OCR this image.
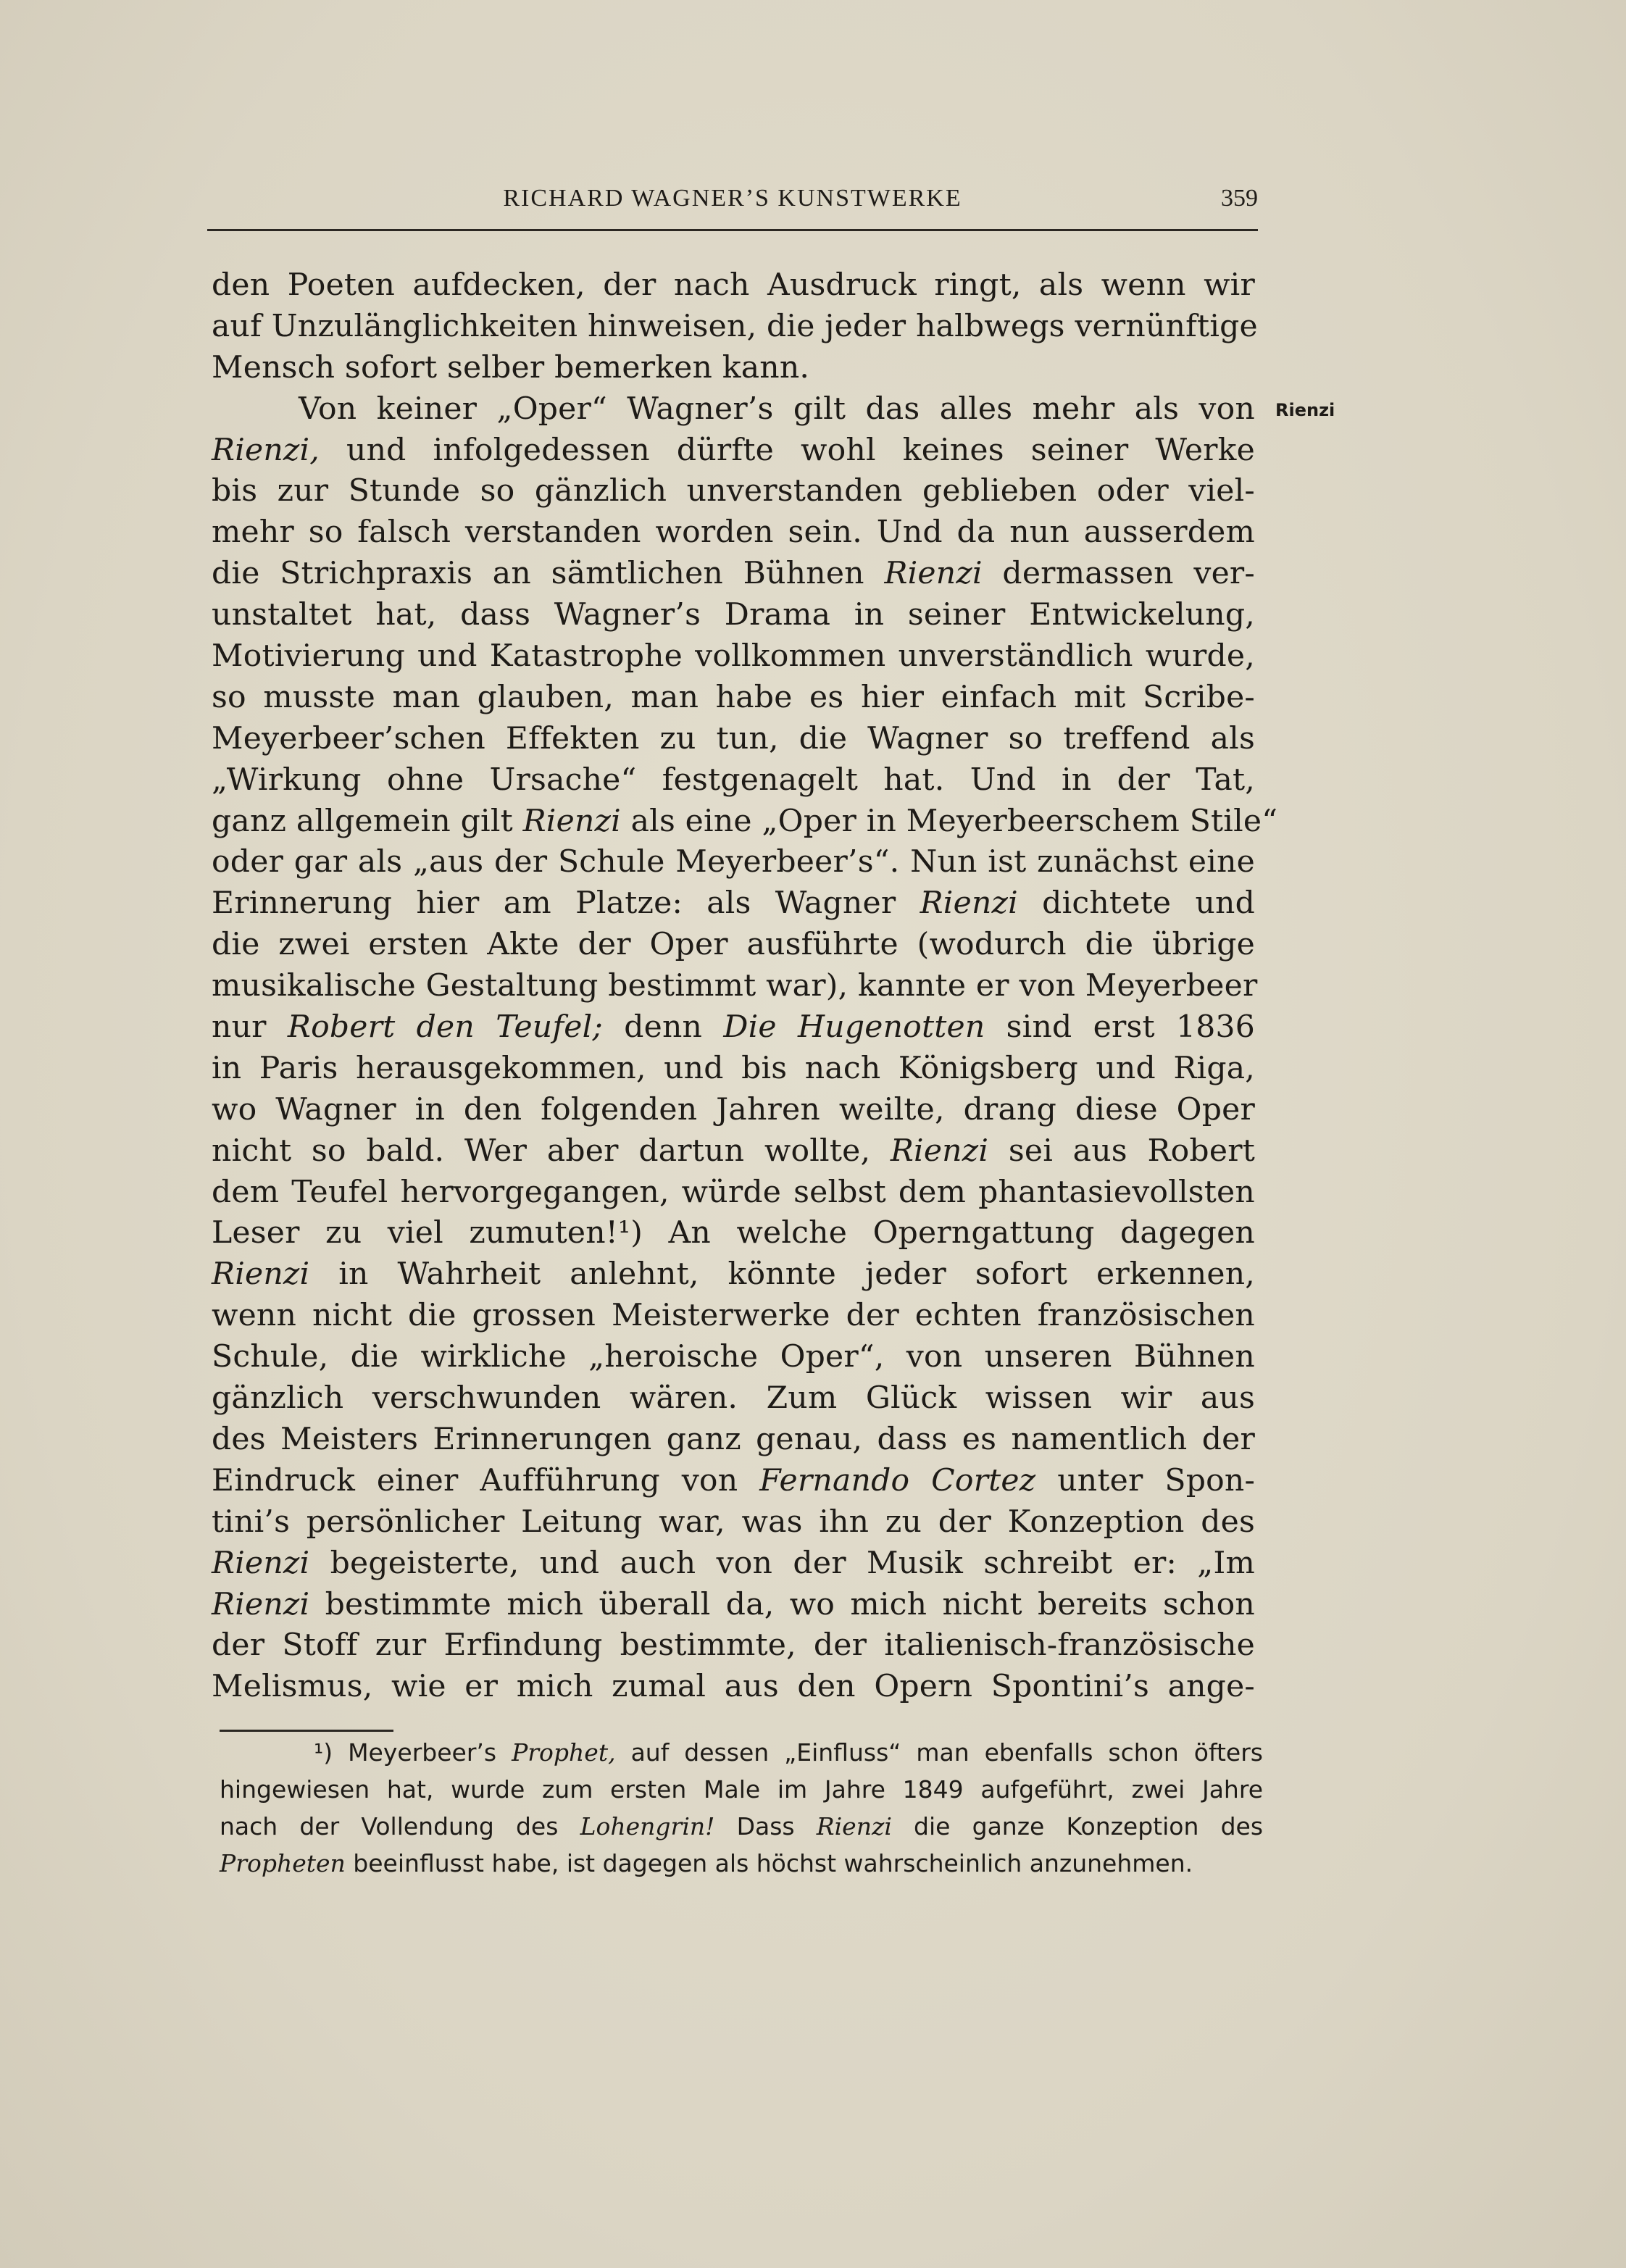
RICHARD WAGNER’S KUNSTWERKE	359
Rienzi
den Poeten aufdecken, der nach Ausdruck ringt, als wenn wir
auf Unzulänglichkeiten hinweisen, die jeder halbwegs vernünftige
Mensch sofort selber bemerken kann.
Von keiner „Oper“ Wagner’s gilt das alles mehr als von
Rienzi, und infolgedessen dürfte wohl keines seiner Werke
bis zur Stunde so gänzlich unverstanden geblieben oder viel-
mehr so falsch verstanden worden sein. Und da nun ausserdem
die Strichpraxis an sämtlichen Bühnen Rienzi dermassen ver-
unstaltet hat, dass Wagner’s Drama in seiner Entwickelung,
Motivierung und Katastrophe vollkommen unverständlich wurde,
so musste man glauben, man habe es hier einfach mit Scribe-
Meyerbeer’schen Effekten zu tun, die Wagner so treffend als
„Wirkung ohne Ursache“ festgenagelt hat. Und in der Tat,
ganz allgemein gilt Rienzi als eine „Oper in Meyerbeerschem Stile“
oder gar als „aus der Schule Meyerbeer’s“. Nun ist zunächst eine
Erinnerung hier am Platze: als Wagner Rienzi dichtete und
die zwei ersten Akte der Oper ausführte (wodurch die übrige
musikalische Gestaltung bestimmt war), kannte er von Meyerbeer
nur Robert den Teufel; denn Die Hugenotten sind erst 1836
in Paris herausgekommen, und bis nach Königsberg und Riga,
wo Wagner in den folgenden Jahren weilte, drang diese Oper
nicht so bald. Wer aber dartun wollte, Rienzi sei aus Robert
dem Teufel hervorgegangen, würde selbst dem phantasievollsten
Leser zu viel zumuten!¹) An welche Operngattung dagegen
Rienzi in Wahrheit anlehnt, könnte jeder sofort erkennen,
wenn nicht die grossen Meisterwerke der echten französischen
Schule, die wirkliche „heroische Oper“, von unseren Bühnen
gänzlich verschwunden wären. Zum Glück wissen wir aus
des Meisters Erinnerungen ganz genau, dass es namentlich der
Eindruck einer Aufführung von Fernando Cortez unter Spon-
tini’s persönlicher Leitung war, was ihn zu der Konzeption des
Rienzi begeisterte, und auch von der Musik schreibt er: „Im
Rienzi bestimmte mich überall da, wo mich nicht bereits schon
der Stoff zur Erfindung bestimmte, der italienisch-französische
Melismus, wie er mich zumal aus den Opern Spontini’s ange-
¹) Meyerbeer’s Prophet, auf dessen „Einfluss“ man ebenfalls schon öfters
hingewiesen hat, wurde zum ersten Male im Jahre 1849 aufgeführt, zwei Jahre
nach der Vollendung des Lohengrin! Dass Rienzi die ganze Konzeption des
Propheten beeinflusst habe, ist dagegen als höchst wahrscheinlich anzunehmen.
